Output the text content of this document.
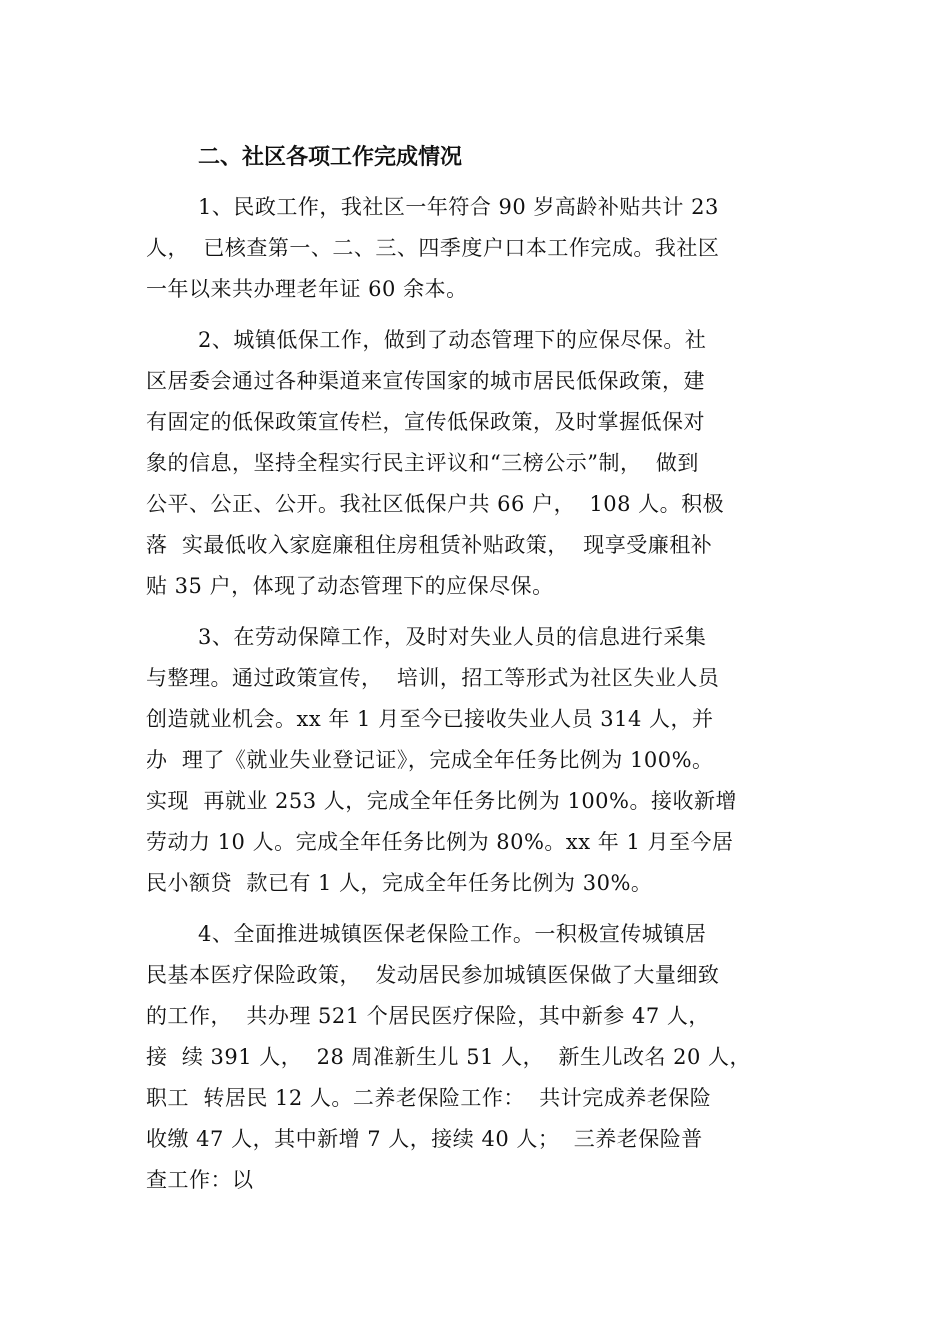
二、社区各项工作完成情况
1、民政工作，我社区一年符合 90 岁高龄补贴共计 23
人，  已核查第一、二、三、四季度户口本工作完成。我社区
一年以来共办理老年证 60 余本。
2、城镇低保工作，做到了动态管理下的应保尽保。社
区居委会通过各种渠道来宣传国家的城市居民低保政策，建
有固定的低保政策宣传栏，宣传低保政策，及时掌握低保对
象的信息，坚持全程实行民主评议和“三榜公示”制，  做到
公平、公正、公开。我社区低保户共 66 户，  108 人。积极
落  实最低收入家庭廉租住房租赁补贴政策，  现享受廉租补
贴 35 户，体现了动态管理下的应保尽保。
3、在劳动保障工作，及时对失业人员的信息进行采集
与整理。通过政策宣传，  培训，招工等形式为社区失业人员
创造就业机会。xx 年 1 月至今已接收失业人员 314 人，并
办  理了《就业失业登记证》，完成全年任务比例为 100%。
实现  再就业 253 人，完成全年任务比例为 100%。接收新增
劳动力 10 人。完成全年任务比例为 80%。xx 年 1 月至今居
民小额贷  款已有 1 人，完成全年任务比例为 30%。
4、全面推进城镇医保老保险工作。一积极宣传城镇居
民基本医疗保险政策，  发动居民参加城镇医保做了大量细致
的工作，  共办理 521 个居民医疗保险，其中新参 47 人，
接  续 391 人，  28 周准新生儿 51 人，  新生儿改名 20 人，
职工  转居民 12 人。二养老保险工作：  共计完成养老保险
收缴 47 人，其中新增 7 人，接续 40 人；  三养老保险普
查工作：以
